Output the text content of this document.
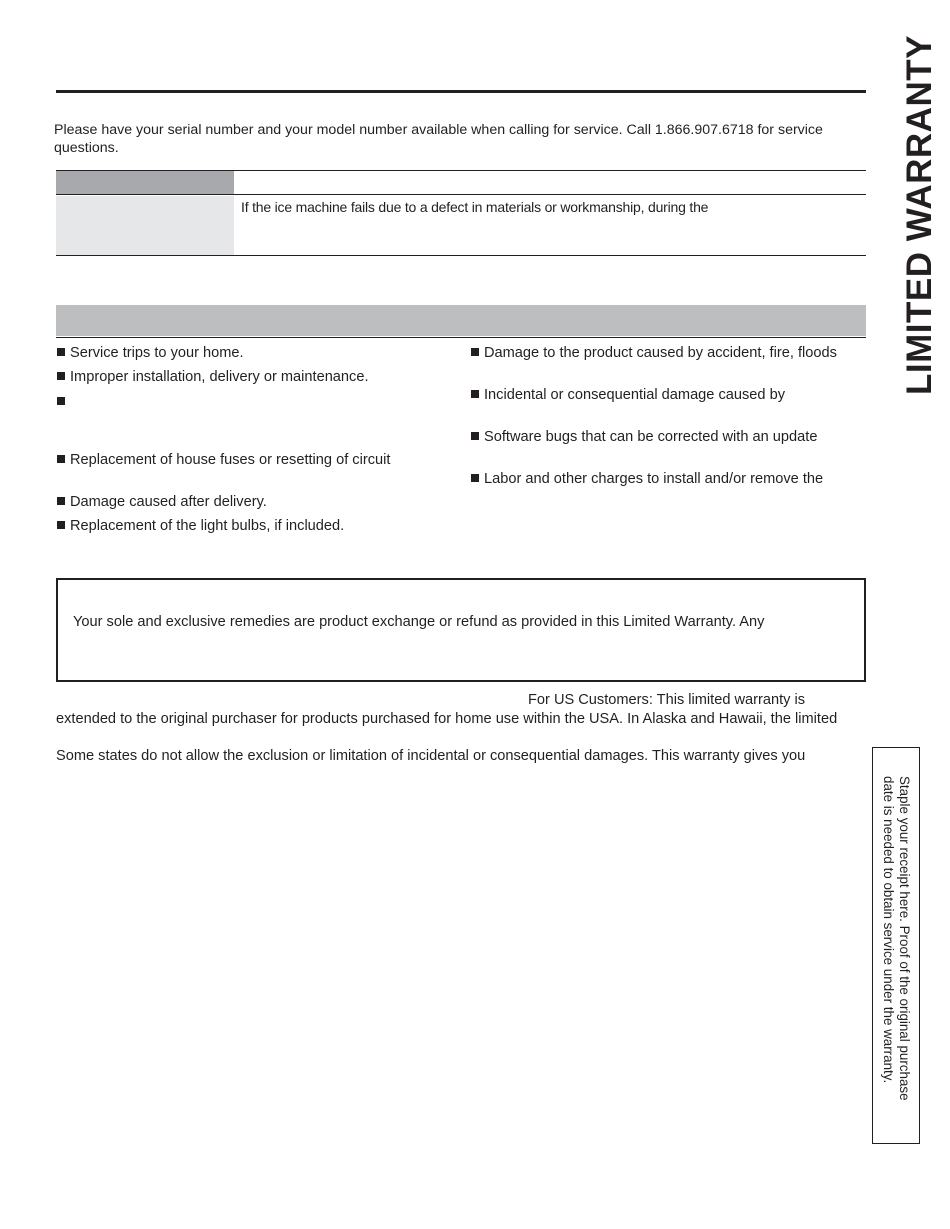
Please have your serial number and your model number available when calling for service. Call 1.866.907.6718 for service questions.
If the ice machine fails due to a defect in materials or workmanship, during the
Service trips to your home.
Improper installation, delivery or maintenance.
Replacement of house fuses or resetting of circuit
Damage caused after delivery.
Replacement of the light bulbs, if included.
Damage to the product caused by accident, fire, floods
Incidental or consequential damage caused by
Software bugs that can be corrected with an update
Labor and other charges to install and/or remove the
Your sole and exclusive remedies are product exchange or refund as provided in this Limited Warranty. Any
For US Customers: This limited warranty is
extended to the original purchaser for products purchased for home use within the USA. In Alaska and Hawaii, the limited
Some states do not allow the exclusion or limitation of incidental or consequential damages. This warranty gives you
LIMITED WARRANTY
Staple your receipt here. Proof of the original purchase date is needed to obtain service under the warranty.
